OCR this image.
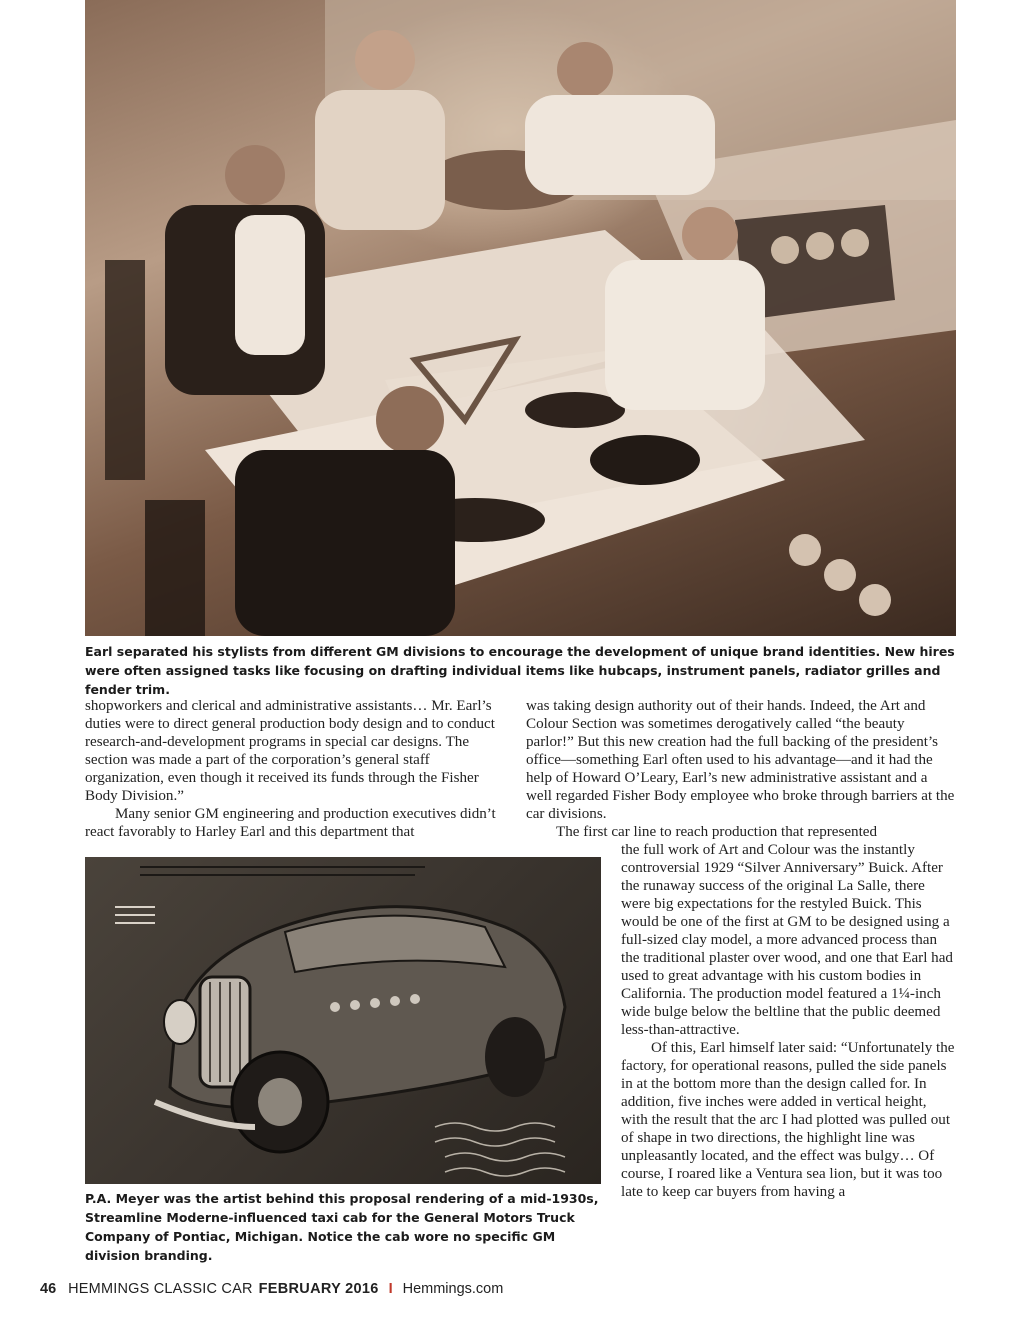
Earl separated his stylists from different GM divisions to encourage the development of unique brand identities. New hires were often assigned tasks like focusing on drafting individual items like hubcaps, instrument panels, radiator grilles and fender trim.

shopworkers and clerical and administrative assistants… Mr. Earl’s duties were to direct general production body design and to conduct research-and-development programs in special car designs. The section was made a part of the corporation’s general staff organization, even though it received its funds through the Fisher Body Division.”

Many senior GM engineering and production executives didn’t react favorably to Harley Earl and this department that

was taking design authority out of their hands. Indeed, the Art and Colour Section was sometimes derogatively called “the beauty parlor!” But this new creation had the full backing of the president’s office—something Earl often used to his advantage—and it had the help of Howard O’Leary, Earl’s new administrative assistant and a well regarded Fisher Body employee who broke through barriers at the car divisions.

The first car line to reach production that represented

the full work of Art and Colour was the instantly controversial 1929 “Silver Anniversary” Buick. After the runaway success of the original La Salle, there were big expectations for the restyled Buick. This would be one of the first at GM to be designed using a full-sized clay model, a more advanced process than the traditional plaster over wood, and one that Earl had used to great advantage with his custom bodies in California. The production model featured a 1¼-inch wide bulge below the beltline that the public deemed less-than-attractive.

Of this, Earl himself later said: “Unfortunately the factory, for operational reasons, pulled the side panels in at the bottom more than the design called for. In addition, five inches were added in vertical height, with the result that the arc I had plotted was pulled out of shape in two directions, the highlight line was unpleasantly located, and the effect was bulgy… Of course, I roared like a Ventura sea lion, but it was too late to keep car buyers from having a

P.A. Meyer was the artist behind this proposal rendering of a mid-1930s, Streamline Moderne-influenced taxi cab for the General Motors Truck Company of Pontiac, Michigan. Notice the cab wore no specific GM division branding.
46 HEMMINGS CLASSIC CAR FEBRUARY 2016 I Hemmings.com
